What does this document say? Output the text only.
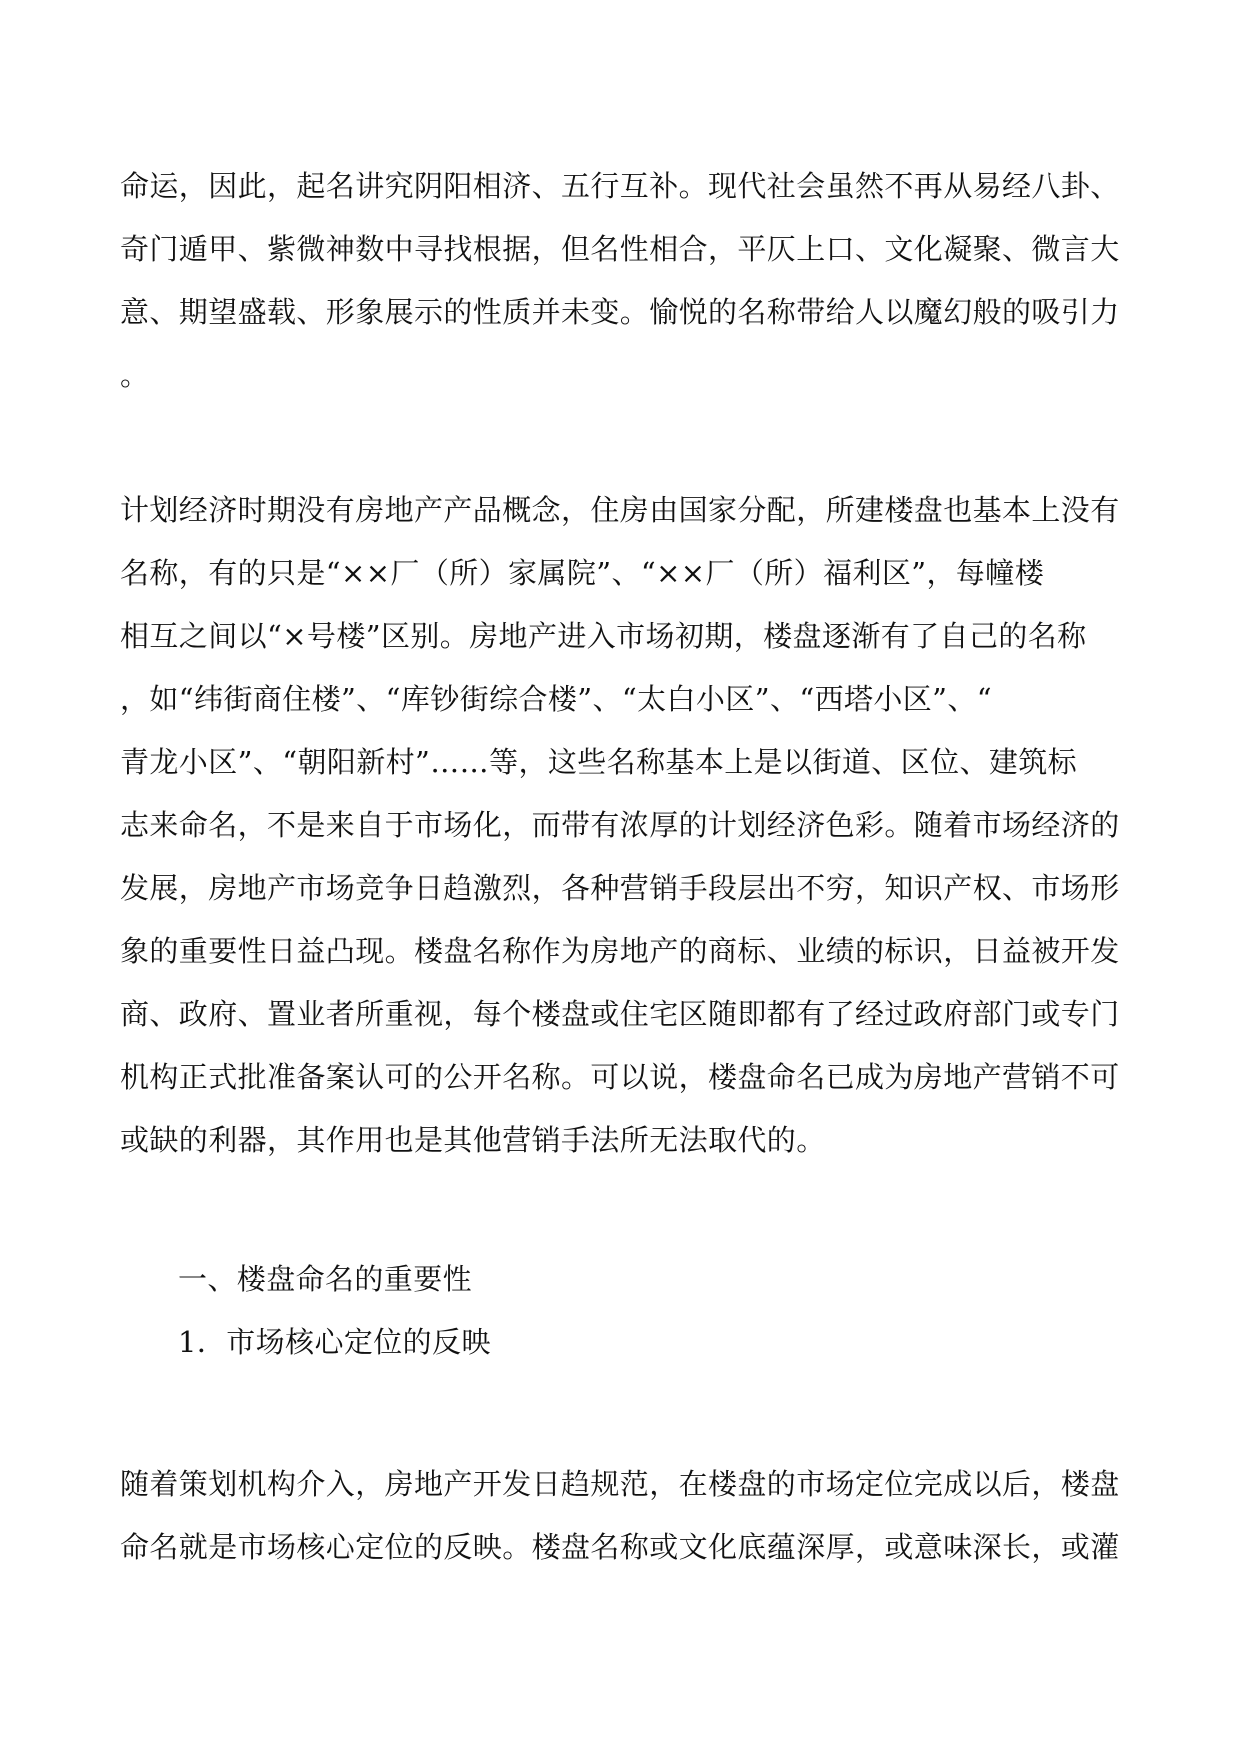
命运，因此，起名讲究阴阳相济、五行互补。现代社会虽然不再从易经八卦、
奇门遁甲、紫微神数中寻找根据，但名性相合，平仄上口、文化凝聚、微言大
意、期望盛载、形象展示的性质并未变。愉悦的名称带给人以魔幻般的吸引力
。
计划经济时期没有房地产产品概念，住房由国家分配，所建楼盘也基本上没有
名称，有的只是“××厂（所）家属院”、“××厂（所）福利区”，每幢楼
相互之间以“×号楼”区别。房地产进入市场初期，楼盘逐渐有了自己的名称
，如“纬街商住楼”、“库钞街综合楼”、“太白小区”、“西塔小区”、“
青龙小区”、“朝阳新村”……等，这些名称基本上是以街道、区位、建筑标
志来命名，不是来自于市场化，而带有浓厚的计划经济色彩。随着市场经济的
发展，房地产市场竞争日趋激烈，各种营销手段层出不穷，知识产权、市场形
象的重要性日益凸现。楼盘名称作为房地产的商标、业绩的标识，日益被开发
商、政府、置业者所重视，每个楼盘或住宅区随即都有了经过政府部门或专门
机构正式批准备案认可的公开名称。可以说，楼盘命名已成为房地产营销不可
或缺的利器，其作用也是其他营销手法所无法取代的。
一、楼盘命名的重要性
1．市场核心定位的反映
随着策划机构介入，房地产开发日趋规范，在楼盘的市场定位完成以后，楼盘
命名就是市场核心定位的反映。楼盘名称或文化底蕴深厚，或意味深长，或灌
